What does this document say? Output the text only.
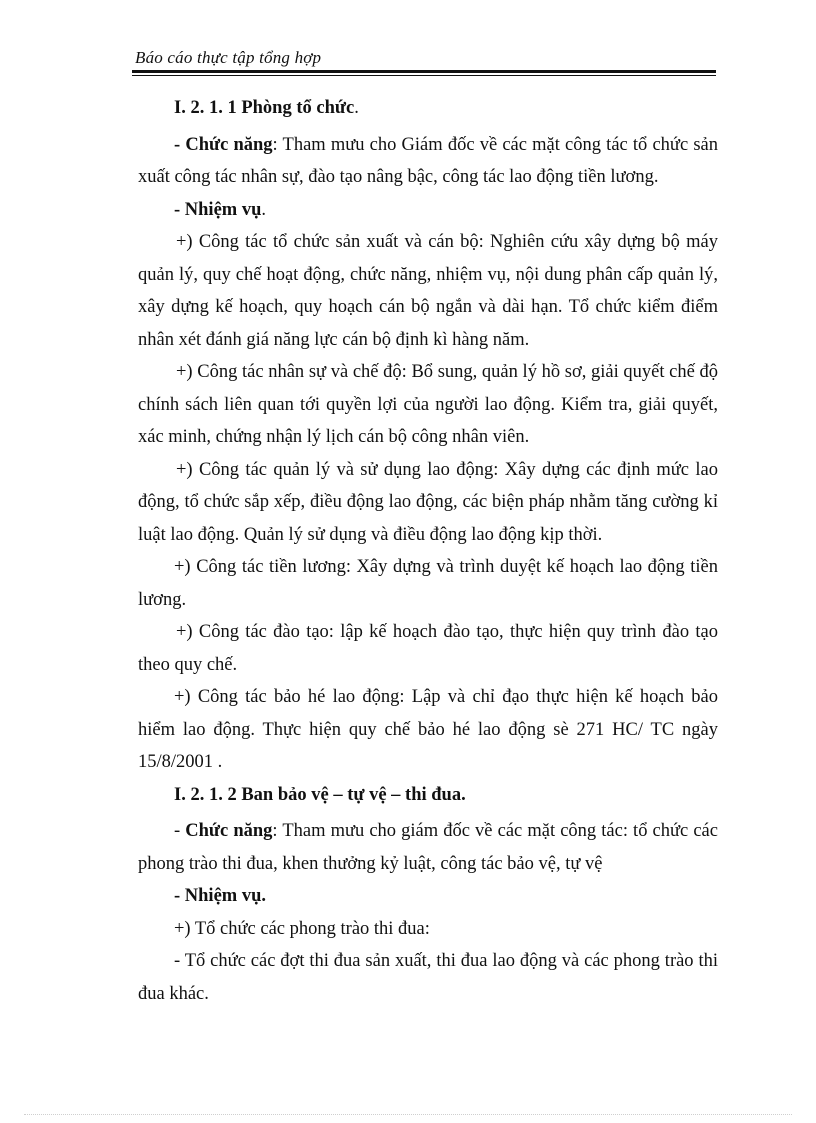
Báo cáo thực tập tổng hợp

I. 2. 1. 1 Phòng tổ chức.

- Chức năng: Tham mưu cho Giám đốc về các mặt công tác tổ chức sản xuất công tác nhân sự, đào tạo nâng bậc, công tác lao động tiền lương.

- Nhiệm vụ.

+) Công tác tổ chức sản xuất và cán bộ: Nghiên cứu xây dựng bộ máy quản lý, quy chế hoạt động, chức năng, nhiệm vụ, nội dung phân cấp quản lý, xây dựng kế hoạch, quy hoạch cán bộ ngắn và dài hạn. Tổ chức kiểm điểm nhân xét đánh giá năng lực cán bộ định kì hàng năm.

+) Công tác nhân sự và chế độ: Bổ sung, quản lý hồ sơ, giải quyết chế độ chính sách liên quan tới quyền lợi của người lao động. Kiểm tra, giải quyết, xác minh, chứng nhận lý lịch cán bộ công nhân viên.

+) Công tác quản lý và sử dụng lao động: Xây dựng các định mức lao động, tổ chức sắp xếp, điều động lao động, các biện pháp nhằm tăng cường kỉ luật lao động. Quản lý sử dụng và điều động lao động kịp thời.

+) Công tác tiền lương: Xây dựng và trình duyệt kế hoạch lao động tiền lương.

+) Công tác đào tạo: lập kế hoạch đào tạo, thực hiện quy trình đào tạo theo quy chế.

+) Công tác bảo hé lao động: Lập và chỉ đạo thực hiện kế hoạch bảo hiểm lao động. Thực hiện quy chế bảo hé lao động sè 271 HC/ TC ngày 15/8/2001 .

I. 2. 1. 2 Ban bảo vệ – tự vệ – thi đua.

- Chức năng: Tham mưu cho giám đốc về các mặt công tác: tổ chức các phong trào thi đua, khen thưởng kỷ luật, công tác bảo vệ, tự vệ

- Nhiệm vụ.

+) Tổ chức các phong trào thi đua:

- Tổ chức các đợt thi đua sản xuất, thi đua lao động và các phong trào thi đua khác.
